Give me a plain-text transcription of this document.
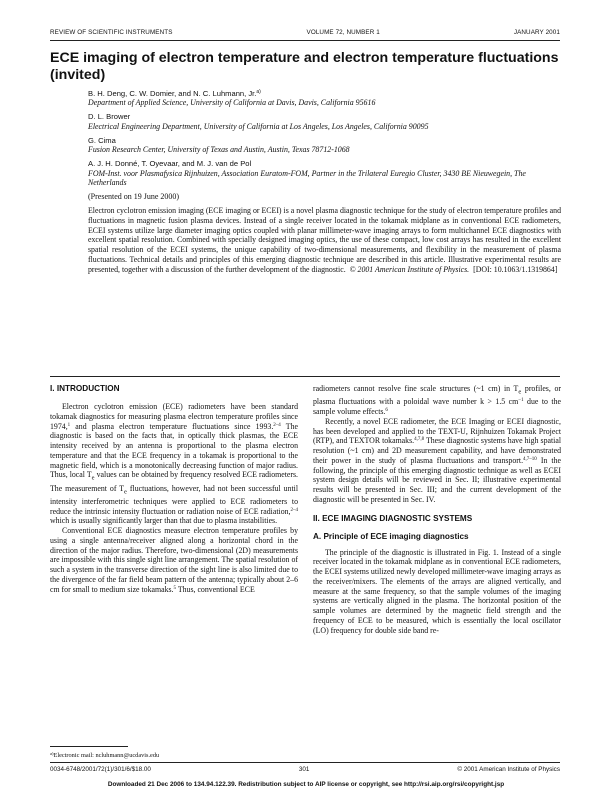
REVIEW OF SCIENTIFIC INSTRUMENTS	VOLUME 72, NUMBER 1	JANUARY 2001
ECE imaging of electron temperature and electron temperature fluctuations (invited)
B. H. Deng, C. W. Domier, and N. C. Luhmann, Jr.$^{a)}$
Department of Applied Science, University of California at Davis, Davis, California 95616
D. L. Brower
Electrical Engineering Department, University of California at Los Angeles, Los Angeles, California 90095
G. Cima
Fusion Research Center, University of Texas and Austin, Austin, Texas 78712-1068
A. J. H. Donné, T. Oyevaar, and M. J. van de Pol
FOM-Inst. voor Plasmafysica Rijnhuizen, Association Euratom-FOM, Partner in the Trilateral Euregio Cluster, 3430 BE Nieuwegein, The Netherlands
(Presented on 19 June 2000)
Electron cyclotron emission imaging (ECE imaging or ECEI) is a novel plasma diagnostic technique for the study of electron temperature profiles and fluctuations in magnetic fusion plasma devices. Instead of a single receiver located in the tokamak midplane as in conventional ECE radiometers, ECEI systems utilize large diameter imaging optics coupled with planar millimeter-wave imaging arrays to form multichannel ECE diagnostics with excellent spatial resolution. Combined with specially designed imaging optics, the use of these compact, low cost arrays has resulted in the excellent spatial resolution of the ECEI systems, the unique capability of two-dimensional measurements, and flexibility in the measurement of plasma fluctuations. Technical details and principles of this emerging diagnostic technique are described in this article. Illustrative experimental results are presented, together with a discussion of the further development of the diagnostic. © 2001 American Institute of Physics. [DOI: 10.1063/1.1319864]
I. INTRODUCTION

Electron cyclotron emission (ECE) radiometers have been standard tokamak diagnostics for measuring plasma electron temperature profiles since 1974,$^1$ and plasma electron temperature fluctuations since 1993.$^{2-4}$ The diagnostic is based on the facts that, in optically thick plasmas, the ECE intensity received by an antenna is proportional to the plasma electron temperature and that the ECE frequency in a tokamak is proportional to the magnetic field, which is a monotonically decreasing function of major radius. Thus, local $T_e$ values can be obtained by frequency resolved ECE radiometers. The measurement of $T_e$ fluctuations, however, had not been successful until intensity interferometric techniques were applied to ECE radiometers to reduce the intrinsic intensity fluctuation or radiation noise of ECE radiation,$^{2-4}$ which is usually significantly larger than that due to plasma instabilities.

Conventional ECE diagnostics measure electron temperature profiles by using a single antenna/receiver aligned along a horizontal chord in the direction of the major radius. Therefore, two-dimensional (2D) measurements are impossible with this single sight line arrangement. The spatial resolution of such a system in the transverse direction of the sight line is also limited due to the divergence of the far field beam pattern of the antenna; typically about 2–6 cm for small to medium size tokamaks.$^5$ Thus, conventional ECE

radiometers cannot resolve fine scale structures (~1 cm) in $T_e$ profiles, or plasma fluctuations with a poloidal wave number k > 1.5 $cm^{-1}$ due to the sample volume effects.$^6$

Recently, a novel ECE radiometer, the ECE Imaging or ECEI diagnostic, has been developed and applied to the TEXT-U, Rijnhuizen Tokamak Project (RTP), and TEXTOR tokamaks.$^{4,7,8}$ These diagnostic systems have high spatial resolution (~1 cm) and 2D measurement capability, and have demonstrated their power in the study of plasma fluctuations and transport.$^{4,7-10}$ In the following, the principle of this emerging diagnostic technique as well as ECEI system design details will be reviewed in Sec. II; illustrative experimental results will be presented in Sec. III; and the current development of the diagnostic will be presented in Sec. IV.

II. ECE IMAGING DIAGNOSTIC SYSTEMS
A. Principle of ECE imaging diagnostics

The principle of the diagnostic is illustrated in Fig. 1. Instead of a single receiver located in the tokamak midplane as in conventional ECE radiometers, the ECEI systems utilized newly developed millimeter-wave imaging arrays as the receiver/mixers. The elements of the arrays are aligned vertically, and measure at the same frequency, so that the sample volumes of the imaging systems are vertically aligned in the plasma. The horizontal position of the sample volumes are determined by the magnetic field strength and the frequency of ECE to be measured, which is essentially the local oscillator (LO) frequency for double side band re-

$^{a)}$Electronic mail: ncluhmann@ucdavis.edu
0034-6748/2001/72(1)/301/6/$18.00	301	© 2001 American Institute of Physics
Downloaded 21 Dec 2006 to 134.94.122.39. Redistribution subject to AIP license or copyright, see http://rsi.aip.org/rsi/copyright.jsp
